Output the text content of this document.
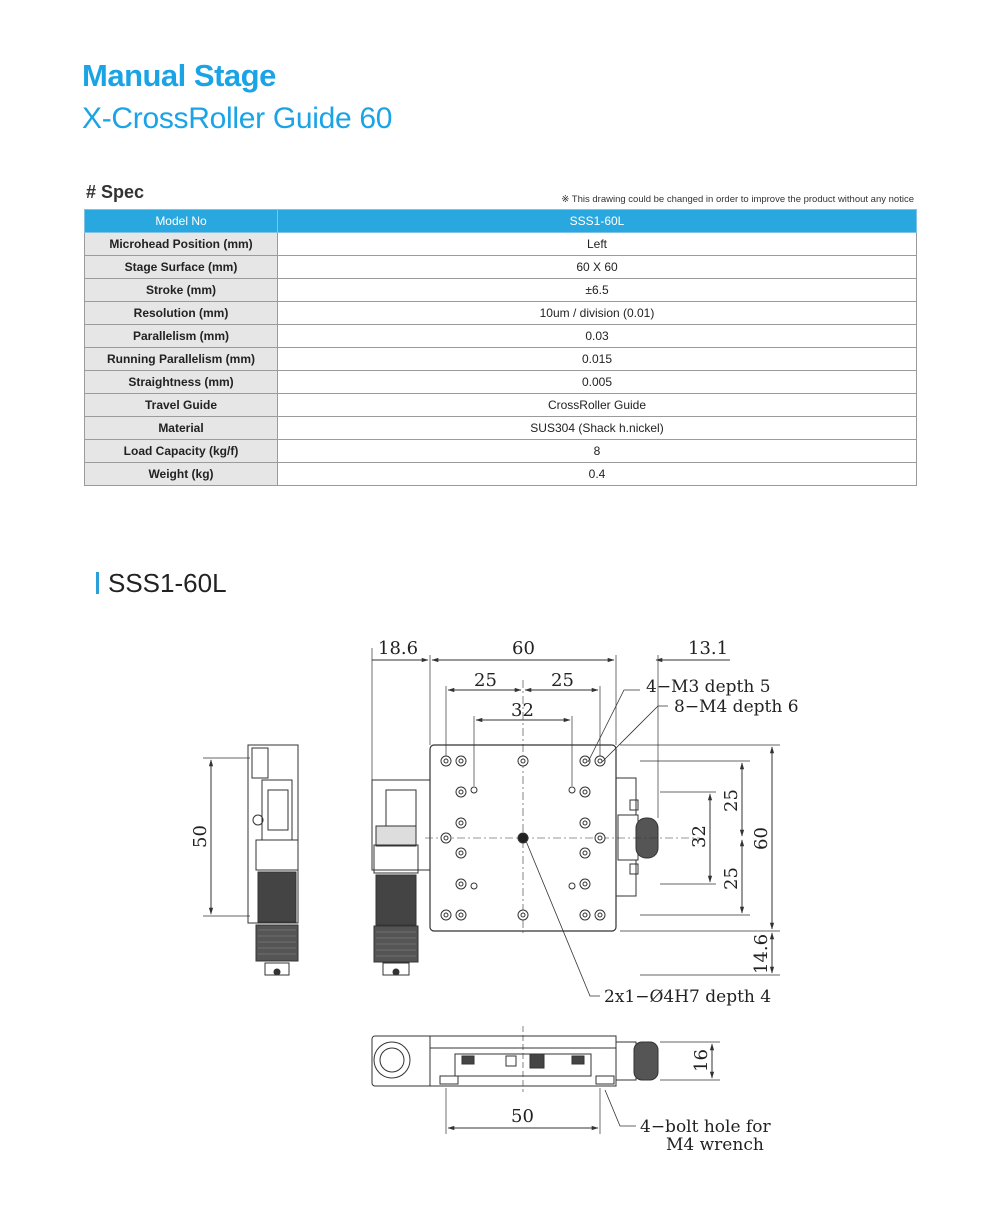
Manual Stage
X-CrossRoller Guide 60
# Spec	※ This drawing could be changed in order to improve the product without any notice
Model No	SSS1-60L
Microhead Position (mm)	Left
Stage Surface (mm)	60 X 60
Stroke (mm)	±6.5
Resolution (mm)	10um / division (0.01)
Parallelism (mm)	0.03
Running Parallelism (mm)	0.015
Straightness (mm)	0.005
Travel Guide	CrossRoller Guide
Material	SUS304 (Shack h.nickel)
Load Capacity (kg/f)	8
Weight (kg)	0.4
SSS1-60L
18.6	60	13.1
25	25
32
4−M3 depth 5
8−M4 depth 6
2x1−Ø4H7 depth 4
4−bolt hole for
M4 wrench
50
50
25
25
32 60
14.6
16
